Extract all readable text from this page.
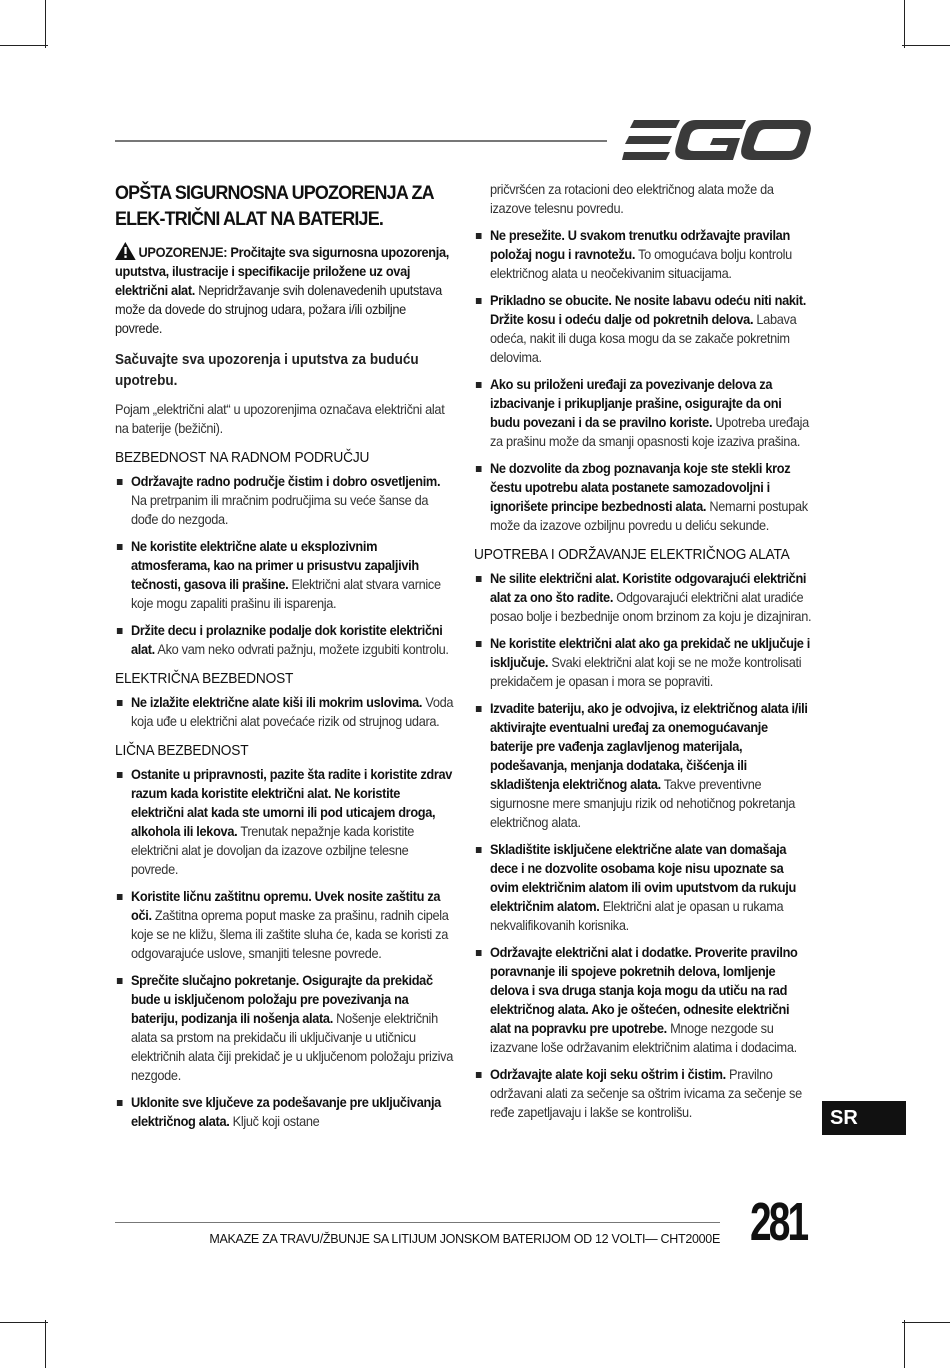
OPŠTA SIGURNOSNA UPOZORENJA ZA ELEK-TRIČNI ALAT NA BATERIJE.

UPOZORENJE: Pročitajte sva sigurnosna upozorenja, uputstva, ilustracije i specifikacije priložene uz ovaj električni alat. Nepridržavanje svih dolenavedenih uputstava može da dovede do strujnog udara, požara i/ili ozbiljne povrede.

Sačuvajte sva upozorenja i uputstva za buduću upotrebu.

Pojam „električni alat“ u upozorenjima označava električni alat na baterije (bežični).

BEZBEDNOST NA RADNOM PODRUČJU
Održavajte radno područje čistim i dobro osvetljenim. Na pretrpanim ili mračnim područjima su veće šanse da dođe do nezgoda.
Ne koristite električne alate u eksplozivnim atmosferama, kao na primer u prisustvu zapaljivih tečnosti, gasova ili prašine. Električni alat stvara varnice koje mogu zapaliti prašinu ili isparenja.
Držite decu i prolaznike podalje dok koristite električni alat. Ako vam neko odvrati pažnju, možete izgubiti kontrolu.
ELEKTRIČNA BEZBEDNOST
Ne izlažite električne alate kiši ili mokrim uslovima. Voda koja uđe u električni alat povećaće rizik od strujnog udara.
LIČNA BEZBEDNOST
Ostanite u pripravnosti, pazite šta radite i koristite zdrav razum kada koristite električni alat. Ne koristite električni alat kada ste umorni ili pod uticajem droga, alkohola ili lekova. Trenutak nepažnje kada koristite električni alat je dovoljan da izazove ozbiljne telesne povrede.
Koristite ličnu zaštitnu opremu. Uvek nosite zaštitu za oči. Zaštitna oprema poput maske za prašinu, radnih cipela koje se ne kližu, šlema ili zaštite sluha će, kada se koristi za odgovarajuće uslove, smanjiti telesne povrede.
Sprečite slučajno pokretanje. Osigurajte da prekidač bude u isključenom položaju pre povezivanja na bateriju, podizanja ili nošenja alata. Nošenje električnih alata sa prstom na prekidaču ili uključivanje u utičnicu električnih alata čiji prekidač je u uključenom položaju priziva nezgode.
Uklonite sve ključeve za podešavanje pre uključivanja električnog alata. Ključ koji ostane
pričvršćen za rotacioni deo električnog alata može da izazove telesnu povredu.
Ne presežite. U svakom trenutku održavajte pravilan položaj nogu i ravnotežu. To omogućava bolju kontrolu električnog alata u neočekivanim situacijama.
Prikladno se obucite. Ne nosite labavu odeću niti nakit. Držite kosu i odeću dalje od pokretnih delova. Labava odeća, nakit ili duga kosa mogu da se zakače pokretnim delovima.
Ako su priloženi uređaji za povezivanje delova za izbacivanje i prikupljanje prašine, osigurajte da oni budu povezani i da se pravilno koriste. Upotreba uređaja za prašinu može da smanji opasnosti koje izaziva prašina.
Ne dozvolite da zbog poznavanja koje ste stekli kroz čestu upotrebu alata postanete samozadovoljni i ignorišete principe bezbednosti alata. Nemarni postupak može da izazove ozbiljnu povredu u deliću sekunde.
UPOTREBA I ODRŽAVANJE ELEKTRIČNOG ALATA
Ne silite električni alat. Koristite odgovarajući električni alat za ono što radite. Odgovarajući električni alat uradiće posao bolje i bezbednije onom brzinom za koju je dizajniran.
Ne koristite električni alat ako ga prekidač ne uključuje i isključuje. Svaki električni alat koji se ne može kontrolisati prekidačem je opasan i mora se popraviti.
Izvadite bateriju, ako je odvojiva, iz električnog alata i/ili aktivirajte eventualni uređaj za onemogućavanje baterije pre vađenja zaglavljenog materijala, podešavanja, menjanja dodataka, čišćenja ili skladištenja električnog alata. Takve preventivne sigurnosne mere smanjuju rizik od nehotičnog pokretanja električnog alata.
Skladištite isključene električne alate van domašaja dece i ne dozvolite osobama koje nisu upoznate sa ovim električnim alatom ili ovim uputstvom da rukuju električnim alatom. Električni alat je opasan u rukama nekvalifikovanih korisnika.
Održavajte električni alat i dodatke. Proverite pravilno poravnanje ili spojeve pokretnih delova, lomljenje delova i sva druga stanja koja mogu da utiču na rad električnog alata. Ako je oštećen, odnesite električni alat na popravku pre upotrebe. Mnoge nezgode su izazvane loše održavanim električnim alatima i dodacima.
Održavajte alate koji seku oštrim i čistim. Pravilno održavani alati za sečenje sa oštrim ivicama za sečenje se ređe zapetljavaju i lakše se kontrolišu.	SR
MAKAZE ZA TRAVU/ŽBUNJE SA LITIJUM JONSKOM BATERIJOM OD 12 VOLTI— CHT2000E 281
